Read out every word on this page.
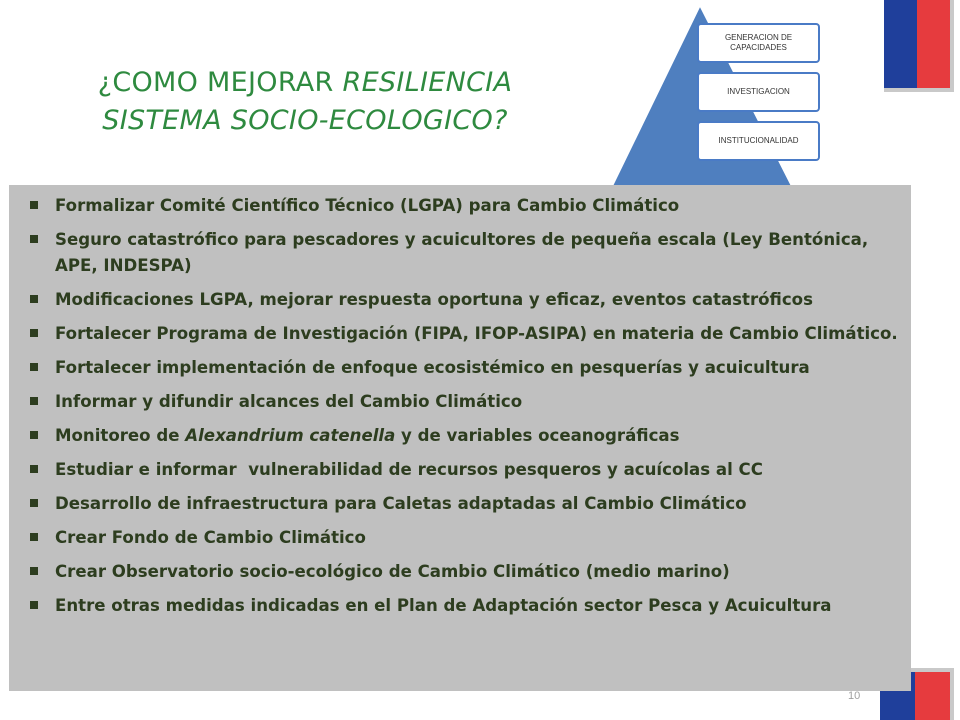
¿COMO MEJORAR RESILIENCIA
SISTEMA SOCIO-ECOLOGICO?
GENERACION DE CAPACIDADES
INVESTIGACION
INSTITUCIONALIDAD
Formalizar Comité Científico Técnico (LGPA) para Cambio Climático
Seguro catastrófico para pescadores y acuicultores de pequeña escala (Ley Bentónica, APE, INDESPA)
Modificaciones LGPA, mejorar respuesta oportuna y eficaz, eventos catastróficos
Fortalecer Programa de Investigación (FIPA, IFOP-ASIPA) en materia de Cambio Climático.
Fortalecer implementación de enfoque ecosistémico en pesquerías y acuicultura
Informar y difundir alcances del Cambio Climático
Monitoreo de Alexandrium catenella y de variables oceanográficas
Estudiar e informar  vulnerabilidad de recursos pesqueros y acuícolas al CC
Desarrollo de infraestructura para Caletas adaptadas al Cambio Climático
Crear Fondo de Cambio Climático
Crear Observatorio socio-ecológico de Cambio Climático (medio marino)
Entre otras medidas indicadas en el Plan de Adaptación sector Pesca y Acuicultura
10
